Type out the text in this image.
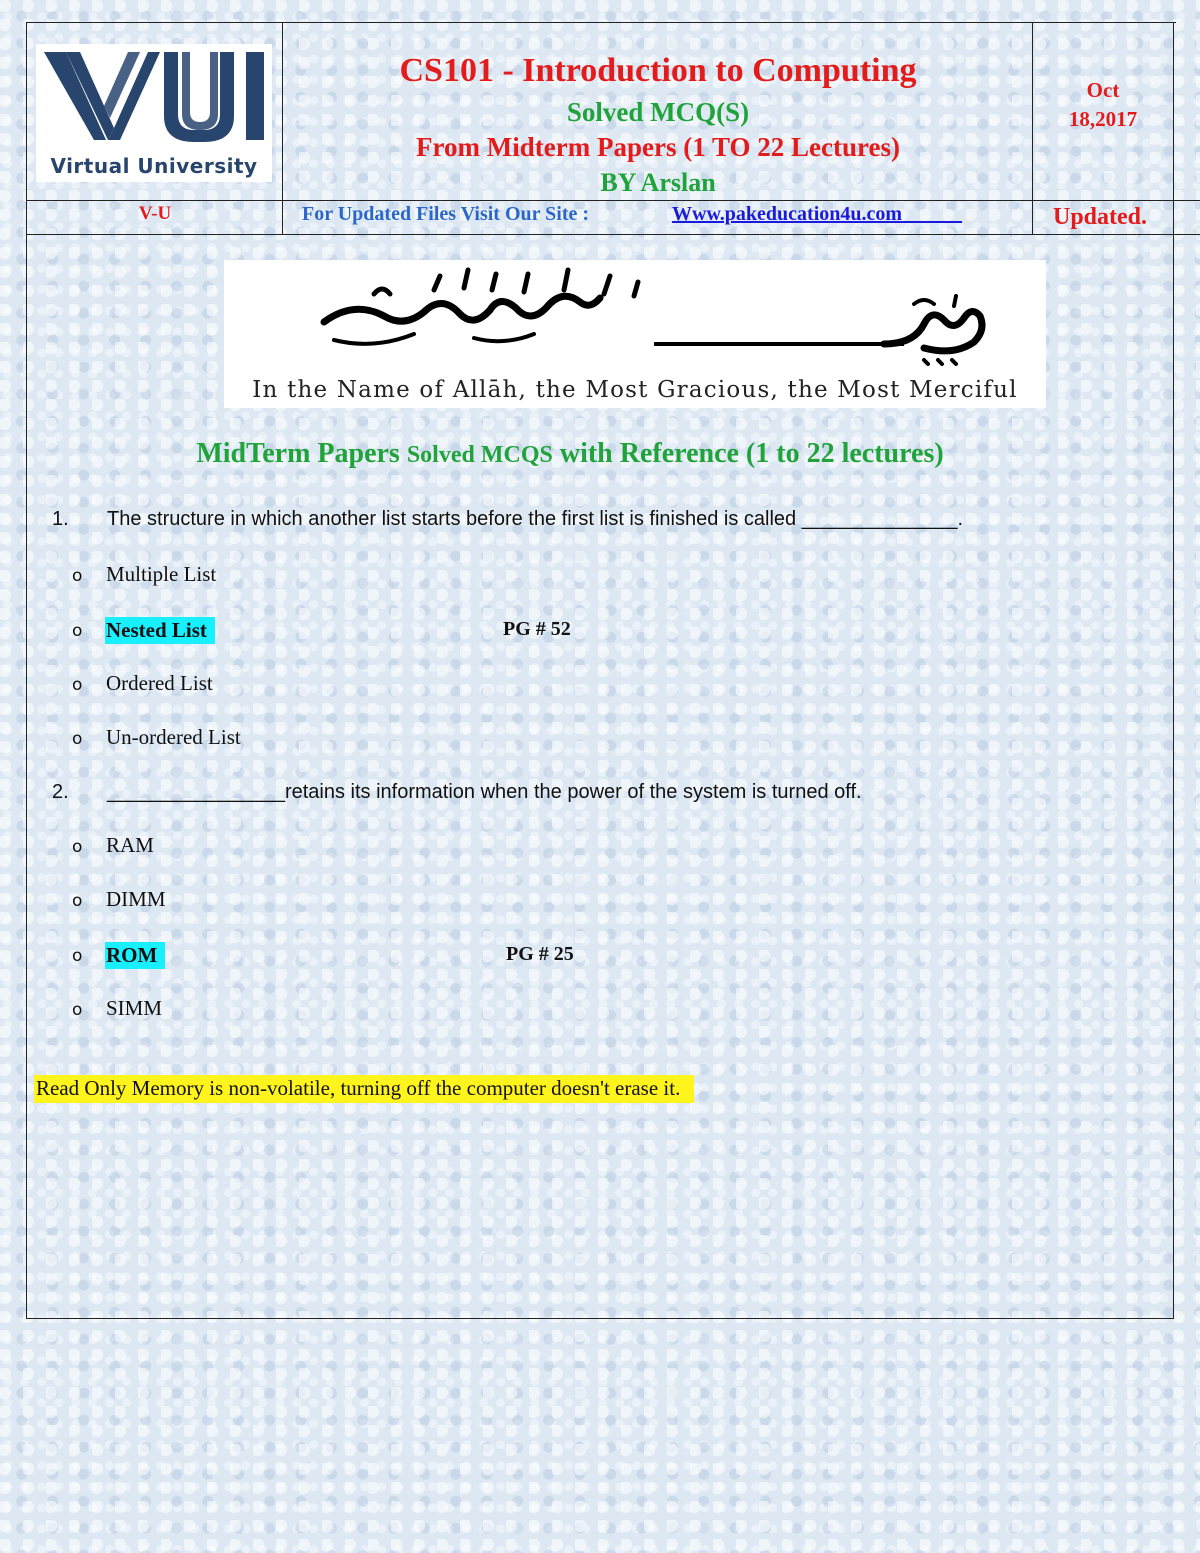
Virtual University
CS101 - Introduction to Computing
Solved MCQ(S)
From Midterm Papers (1 TO 22 Lectures)
BY Arslan
Oct
18,2017
V-U	For Updated Files Visit Our Site :	Www.pakeducation4u.com	Updated.
In the Name of Allāh, the Most Gracious, the Most Merciful
MidTerm Papers Solved MCQS with Reference (1 to 22 lectures)
1. The structure in which another list starts before the first list is finished is called ______________.
o Multiple List
o Nested List	PG # 52
o Ordered List
o Un-ordered List
2. ________________retains its information when the power of the system is turned off.
o RAM
o DIMM
o ROM	PG # 25
o SIMM
Read Only Memory is non-volatile, turning off the computer doesn't erase it.
